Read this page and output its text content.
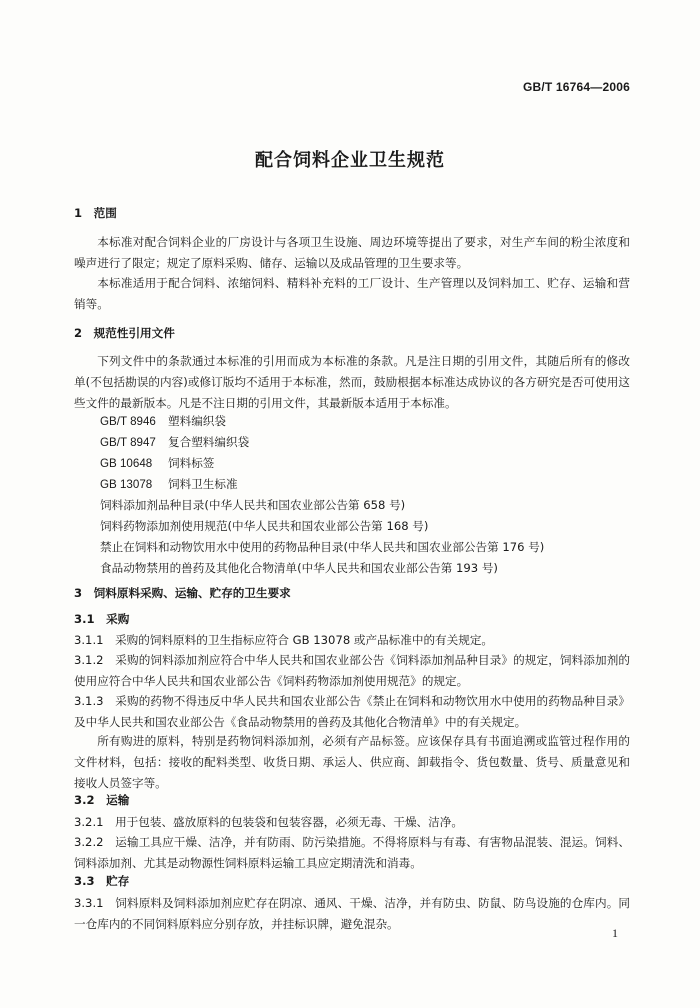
GB/T 16764—2006
配合饲料企业卫生规范
1　范围
本标准对配合饲料企业的厂房设计与各项卫生设施、周边环境等提出了要求，对生产车间的粉尘浓度和噪声进行了限定；规定了原料采购、储存、运输以及成品管理的卫生要求等。
本标准适用于配合饲料、浓缩饲料、精料补充料的工厂设计、生产管理以及饲料加工、贮存、运输和营销等。
2　规范性引用文件
下列文件中的条款通过本标准的引用而成为本标准的条款。凡是注日期的引用文件，其随后所有的修改单(不包括勘误的内容)或修订版均不适用于本标准，然而，鼓励根据本标准达成协议的各方研究是否可使用这些文件的最新版本。凡是不注日期的引用文件，其最新版本适用于本标准。
GB/T 8946 塑料编织袋
GB/T 8947 复合塑料编织袋
GB 10648 饲料标签
GB 13078 饲料卫生标准
饲料添加剂品种目录(中华人民共和国农业部公告第 658 号)
饲料药物添加剂使用规范(中华人民共和国农业部公告第 168 号)
禁止在饲料和动物饮用水中使用的药物品种目录(中华人民共和国农业部公告第 176 号)
食品动物禁用的兽药及其他化合物清单(中华人民共和国农业部公告第 193 号)
3　饲料原料采购、运输、贮存的卫生要求
3.1　采购
3.1.1　采购的饲料原料的卫生指标应符合 GB 13078 或产品标准中的有关规定。
3.1.2　采购的饲料添加剂应符合中华人民共和国农业部公告《饲料添加剂品种目录》的规定，饲料添加剂的使用应符合中华人民共和国农业部公告《饲料药物添加剂使用规范》的规定。
3.1.3　采购的药物不得违反中华人民共和国农业部公告《禁止在饲料和动物饮用水中使用的药物品种目录》及中华人民共和国农业部公告《食品动物禁用的兽药及其他化合物清单》中的有关规定。
所有购进的原料，特别是药物饲料添加剂，必须有产品标签。应该保存具有书面追溯或监管过程作用的文件材料，包括：接收的配料类型、收货日期、承运人、供应商、卸载指令、货包数量、货号、质量意见和接收人员签字等。
3.2　运输
3.2.1　用于包装、盛放原料的包装袋和包装容器，必须无毒、干燥、洁净。
3.2.2　运输工具应干燥、洁净，并有防雨、防污染措施。不得将原料与有毒、有害物品混装、混运。饲料、饲料添加剂、尤其是动物源性饲料原料运输工具应定期清洗和消毒。
3.3　贮存
3.3.1　饲料原料及饲料添加剂应贮存在阴凉、通风、干燥、洁净，并有防虫、防鼠、防鸟设施的仓库内。同一仓库内的不同饲料原料应分别存放，并挂标识牌，避免混杂。
1
